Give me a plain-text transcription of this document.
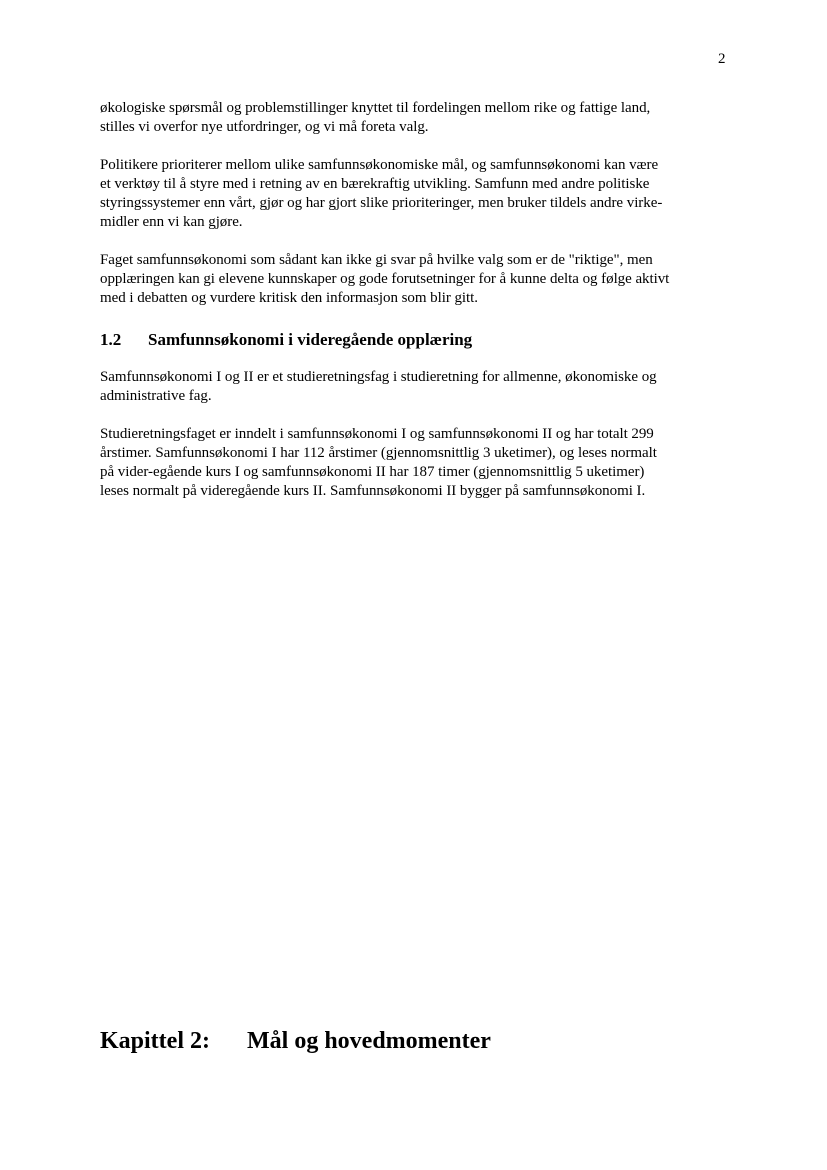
2

økologiske spørsmål og problemstillinger knyttet til fordelingen mellom rike og fattige land,
stilles vi overfor nye utfordringer, og vi må foreta valg.

Politikere prioriterer mellom ulike samfunnsøkonomiske mål, og samfunnsøkonomi kan være
et verktøy til å styre med i retning av en bærekraftig utvikling. Samfunn med andre politiske
styringssystemer enn vårt, gjør og har gjort slike prioriteringer, men bruker tildels andre virke-
midler enn vi kan gjøre.

Faget samfunnsøkonomi som sådant kan ikke gi svar på hvilke valg som er de "riktige", men
opplæringen kan gi elevene kunnskaper og gode forutsetninger for å kunne delta og følge aktivt
med i debatten og vurdere kritisk den informasjon som blir gitt.

1.2 Samfunnsøkonomi i videregående opplæring

Samfunnsøkonomi I og II er et studieretningsfag i studieretning for allmenne, økonomiske og
administrative fag.

Studieretningsfaget er inndelt i samfunnsøkonomi I og samfunnsøkonomi II og har totalt 299
årstimer. Samfunnsøkonomi I har 112 årstimer (gjennomsnittlig 3 uketimer), og leses normalt
på vider-egående kurs I og samfunnsøkonomi II har 187 timer (gjennomsnittlig 5 uketimer)
leses normalt på videregående kurs II. Samfunnsøkonomi II bygger på samfunnsøkonomi I.

Kapittel 2: Mål og hovedmomenter
